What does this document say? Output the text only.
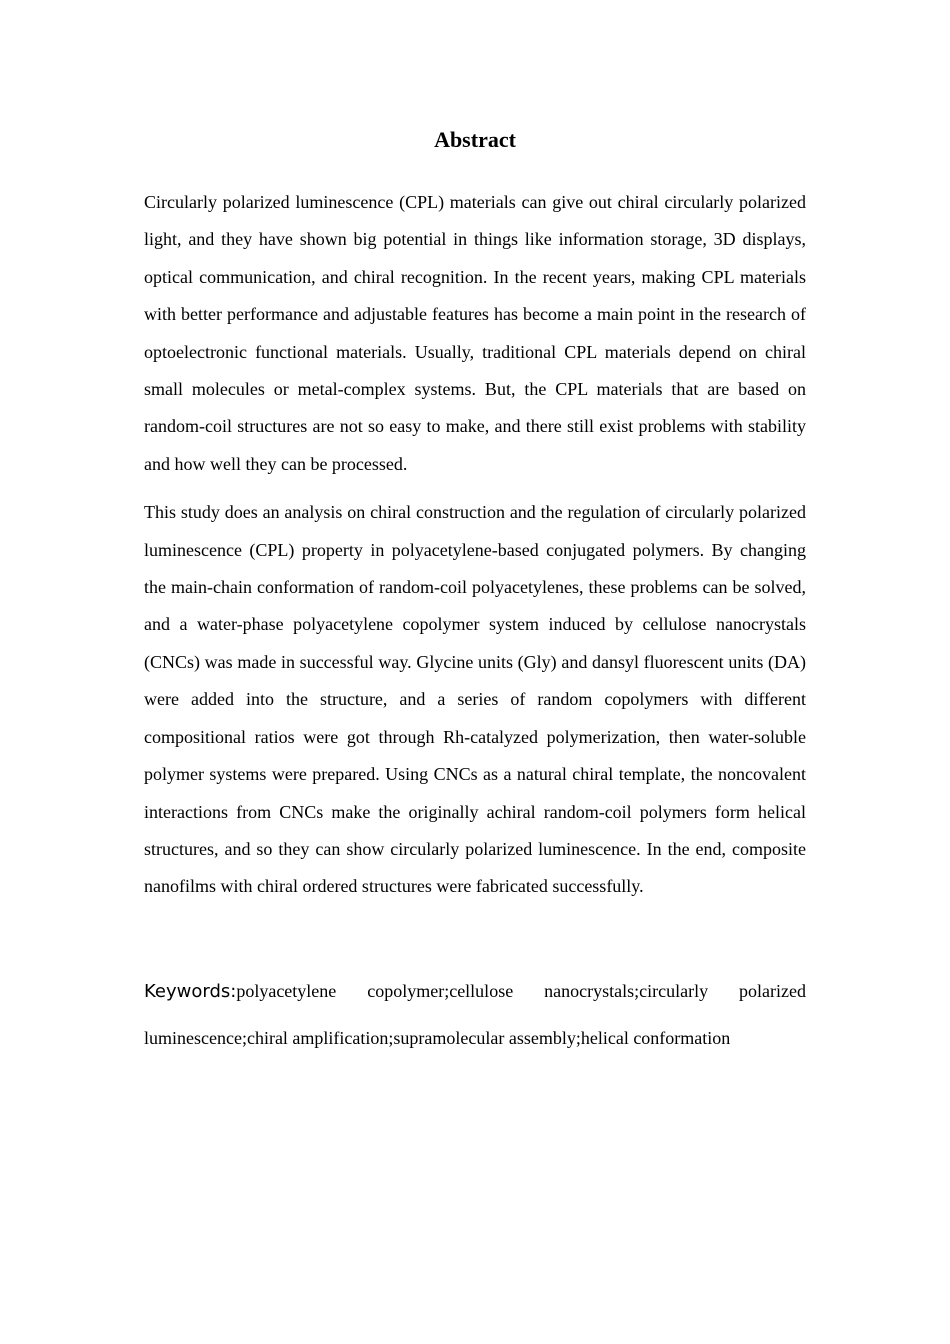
Abstract

Circularly polarized luminescence (CPL) materials can give out chiral circularly polarized light, and they have shown big potential in things like information storage, 3D displays, optical communication, and chiral recognition. In the recent years, making CPL materials with better performance and adjustable features has become a main point in the research of optoelectronic functional materials. Usually, traditional CPL materials depend on chiral small molecules or metal-complex systems. But, the CPL materials that are based on random-coil structures are not so easy to make, and there still exist problems with stability and how well they can be processed.

This study does an analysis on chiral construction and the regulation of circularly polarized luminescence (CPL) property in polyacetylene-based conjugated polymers. By changing the main-chain conformation of random-coil polyacetylenes, these problems can be solved, and a water-phase polyacetylene copolymer system induced by cellulose nanocrystals (CNCs) was made in successful way. Glycine units (Gly) and dansyl fluorescent units (DA) were added into the structure, and a series of random copolymers with different compositional ratios were got through Rh-catalyzed polymerization, then water-soluble polymer systems were prepared. Using CNCs as a natural chiral template, the noncovalent interactions from CNCs make the originally achiral random-coil polymers form helical structures, and so they can show circularly polarized luminescence. In the end, composite nanofilms with chiral ordered structures were fabricated successfully.

Keywords:polyacetylene copolymer;cellulose nanocrystals;circularly polarized luminescence;chiral amplification;supramolecular assembly;helical conformation
